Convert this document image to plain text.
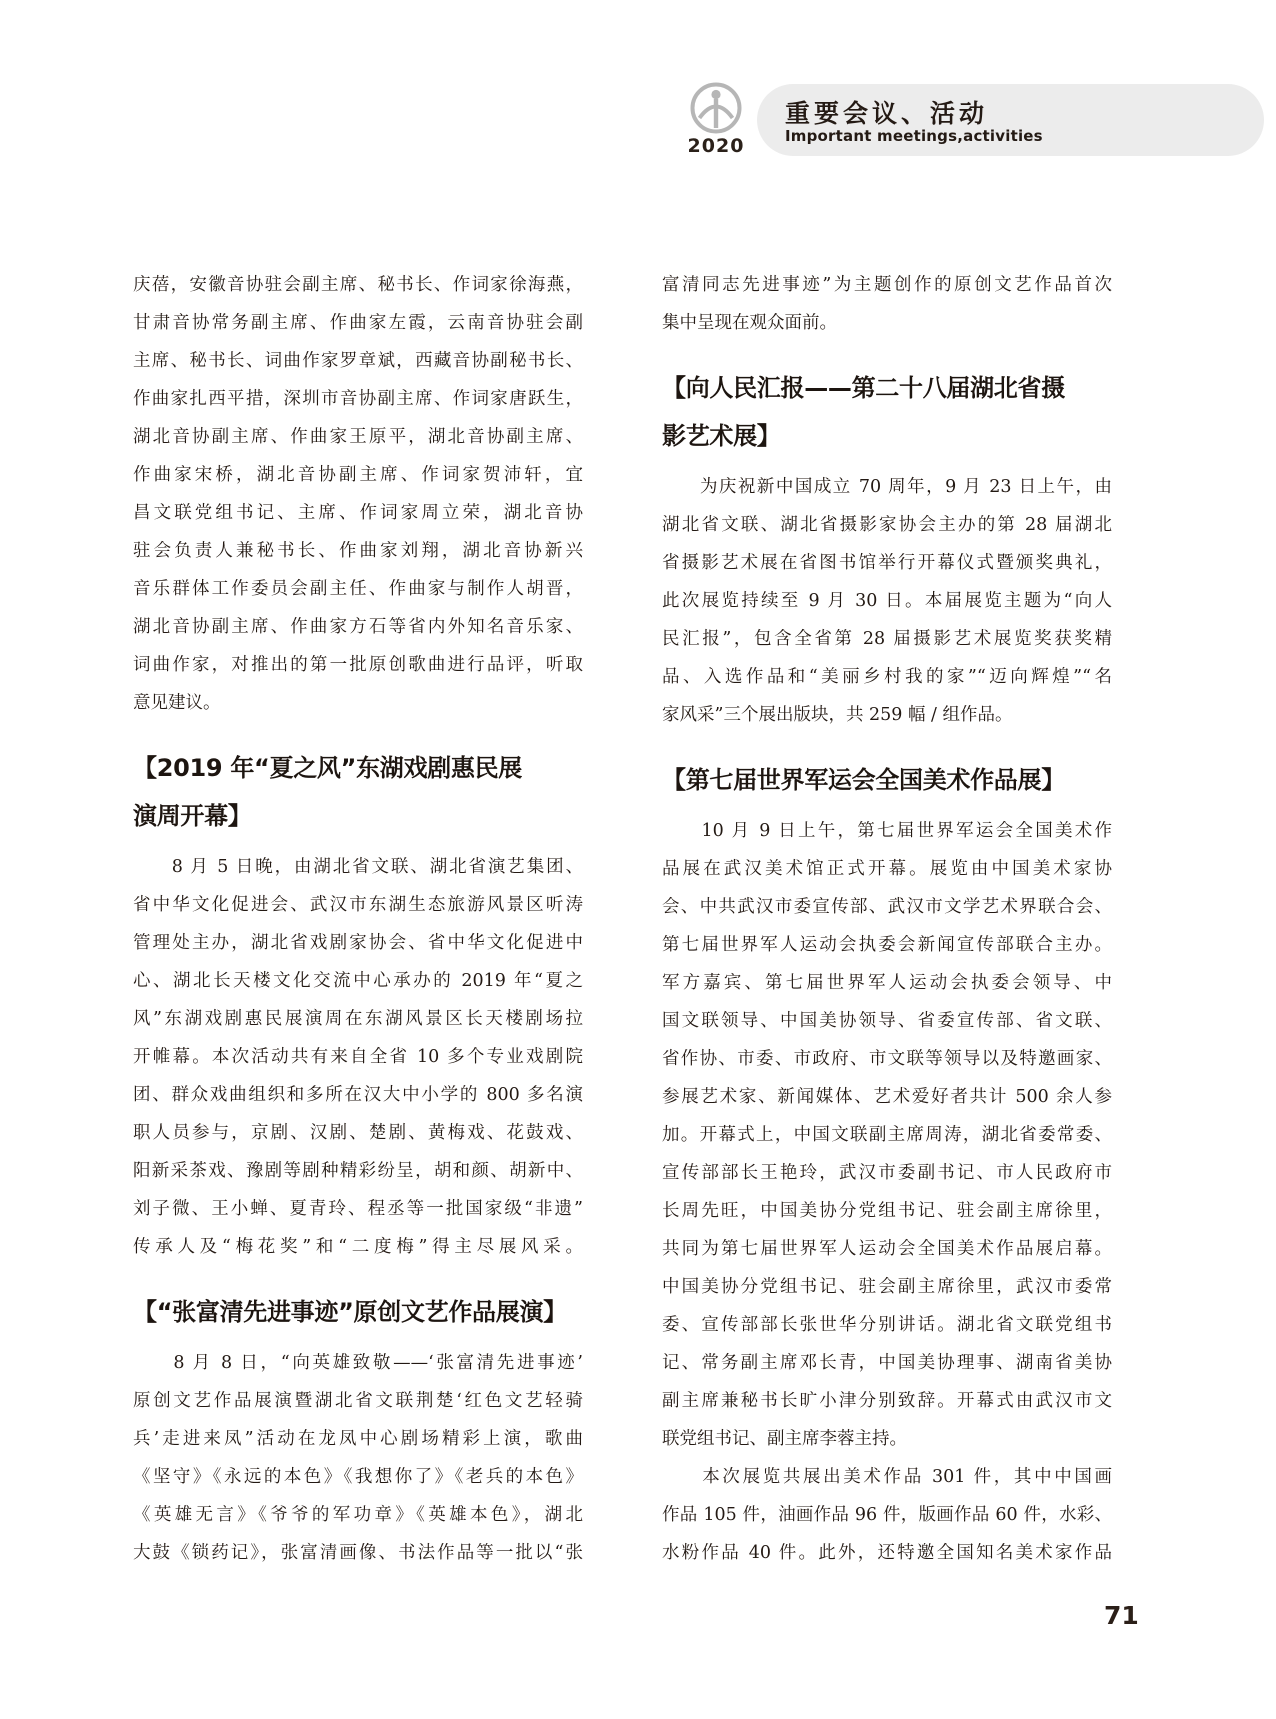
2020
重要会议、活动
Important meetings,activities
庆蓓，安徽音协驻会副主席、秘书长、作词家徐海燕，
甘肃音协常务副主席、作曲家左霞，云南音协驻会副
主席、秘书长、词曲作家罗章斌，西藏音协副秘书长、
作曲家扎西平措，深圳市音协副主席、作词家唐跃生，
湖北音协副主席、作曲家王原平，湖北音协副主席、
作曲家宋桥，湖北音协副主席、作词家贺沛轩，宜
昌文联党组书记、主席、作词家周立荣，湖北音协
驻会负责人兼秘书长、作曲家刘翔，湖北音协新兴
音乐群体工作委员会副主任、作曲家与制作人胡晋，
湖北音协副主席、作曲家方石等省内外知名音乐家、
词曲作家，对推出的第一批原创歌曲进行品评，听取
意见建议。
【2019 年“夏之风”东湖戏剧惠民展
演周开幕】
　　8 月 5 日晚，由湖北省文联、湖北省演艺集团、
省中华文化促进会、武汉市东湖生态旅游风景区听涛
管理处主办，湖北省戏剧家协会、省中华文化促进中
心、湖北长天楼文化交流中心承办的 2019 年“夏之
风”东湖戏剧惠民展演周在东湖风景区长天楼剧场拉
开帷幕。本次活动共有来自全省 10 多个专业戏剧院
团、群众戏曲组织和多所在汉大中小学的 800 多名演
职人员参与，京剧、汉剧、楚剧、黄梅戏、花鼓戏、
阳新采茶戏、豫剧等剧种精彩纷呈，胡和颜、胡新中、
刘子微、王小蝉、夏青玲、程丞等一批国家级“非遗”
传承人及“梅花奖”和“二度梅”得主尽展风采。
【“张富清先进事迹”原创文艺作品展演】
　　8 月 8 日，“向英雄致敬——‘张富清先进事迹’
原创文艺作品展演暨湖北省文联荆楚‘红色文艺轻骑
兵’走进来凤”活动在龙凤中心剧场精彩上演，歌曲
《坚守》《永远的本色》《我想你了》《老兵的本色》
《英雄无言》《爷爷的军功章》《英雄本色》，湖北
大鼓《锁药记》，张富清画像、书法作品等一批以“张
富清同志先进事迹”为主题创作的原创文艺作品首次
集中呈现在观众面前。
【向人民汇报——第二十八届湖北省摄
影艺术展】
　　为庆祝新中国成立 70 周年，9 月 23 日上午，由
湖北省文联、湖北省摄影家协会主办的第 28 届湖北
省摄影艺术展在省图书馆举行开幕仪式暨颁奖典礼，
此次展览持续至 9 月 30 日。本届展览主题为“向人
民汇报”，包含全省第 28 届摄影艺术展览奖获奖精
品、入选作品和“美丽乡村我的家”“迈向辉煌”“名
家风采”三个展出版块，共 259 幅 / 组作品。
【第七届世界军运会全国美术作品展】
　　10 月 9 日上午，第七届世界军运会全国美术作
品展在武汉美术馆正式开幕。展览由中国美术家协
会、中共武汉市委宣传部、武汉市文学艺术界联合会、
第七届世界军人运动会执委会新闻宣传部联合主办。
军方嘉宾、第七届世界军人运动会执委会领导、中
国文联领导、中国美协领导、省委宣传部、省文联、
省作协、市委、市政府、市文联等领导以及特邀画家、
参展艺术家、新闻媒体、艺术爱好者共计 500 余人参
加。开幕式上，中国文联副主席周涛，湖北省委常委、
宣传部部长王艳玲，武汉市委副书记、市人民政府市
长周先旺，中国美协分党组书记、驻会副主席徐里，
共同为第七届世界军人运动会全国美术作品展启幕。
中国美协分党组书记、驻会副主席徐里，武汉市委常
委、宣传部部长张世华分别讲话。湖北省文联党组书
记、常务副主席邓长青，中国美协理事、湖南省美协
副主席兼秘书长旷小津分别致辞。开幕式由武汉市文
联党组书记、副主席李蓉主持。
　　本次展览共展出美术作品 301 件，其中中国画
作品 105 件，油画作品 96 件，版画作品 60 件，水彩、
水粉作品 40 件。此外，还特邀全国知名美术家作品
71
